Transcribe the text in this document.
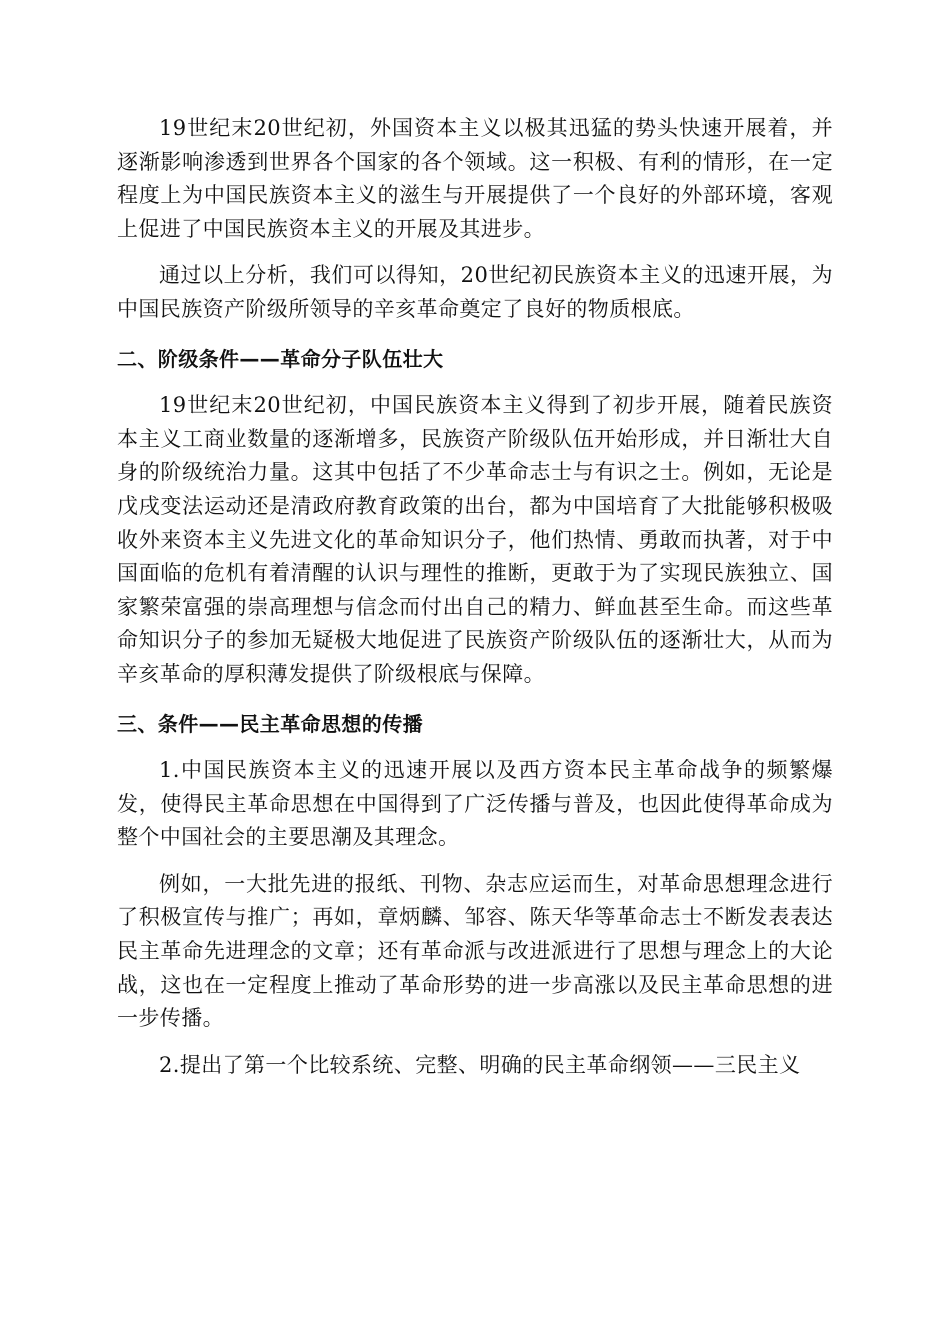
19世纪末20世纪初，外国资本主义以极其迅猛的势头快速开展着，并逐渐影响渗透到世界各个国家的各个领域。这一积极、有利的情形，在一定程度上为中国民族资本主义的滋生与开展提供了一个良好的外部环境，客观上促进了中国民族资本主义的开展及其进步。

通过以上分析，我们可以得知，20世纪初民族资本主义的迅速开展，为中国民族资产阶级所领导的辛亥革命奠定了良好的物质根底。

二、阶级条件——革命分子队伍壮大

19世纪末20世纪初，中国民族资本主义得到了初步开展，随着民族资本主义工商业数量的逐渐增多，民族资产阶级队伍开始形成，并日渐壮大自身的阶级统治力量。这其中包括了不少革命志士与有识之士。例如，无论是戊戌变法运动还是清政府教育政策的出台，都为中国培育了大批能够积极吸收外来资本主义先进文化的革命知识分子，他们热情、勇敢而执著，对于中国面临的危机有着清醒的认识与理性的推断，更敢于为了实现民族独立、国家繁荣富强的崇高理想与信念而付出自己的精力、鲜血甚至生命。而这些革命知识分子的参加无疑极大地促进了民族资产阶级队伍的逐渐壮大，从而为辛亥革命的厚积薄发提供了阶级根底与保障。

三、条件——民主革命思想的传播

1.中国民族资本主义的迅速开展以及西方资本民主革命战争的频繁爆发，使得民主革命思想在中国得到了广泛传播与普及，也因此使得革命成为整个中国社会的主要思潮及其理念。

例如，一大批先进的报纸、刊物、杂志应运而生，对革命思想理念进行了积极宣传与推广；再如，章炳麟、邹容、陈天华等革命志士不断发表表达民主革命先进理念的文章；还有革命派与改进派进行了思想与理念上的大论战，这也在一定程度上推动了革命形势的进一步高涨以及民主革命思想的进一步传播。

2.提出了第一个比较系统、完整、明确的民主革命纲领——三民主义
